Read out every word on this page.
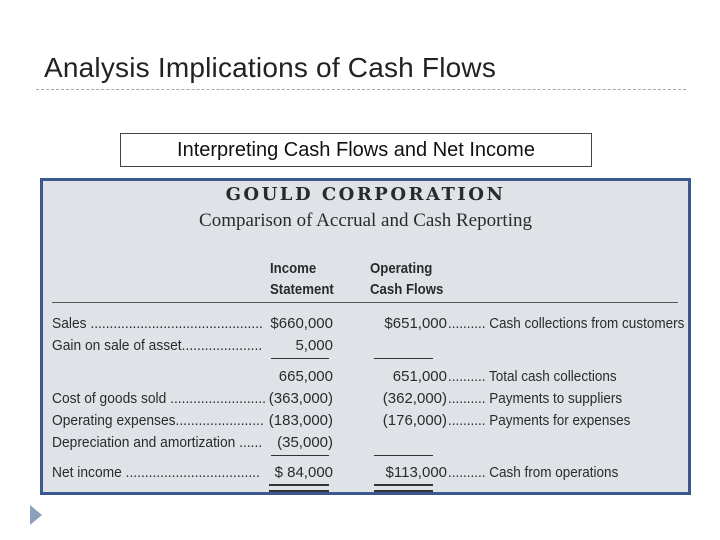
Analysis Implications of Cash Flows
Interpreting Cash Flows and Net Income
GOULD CORPORATION
Comparison of Accrual and Cash Reporting
Income
Statement
Operating
Cash Flows
Sales ............................................. $660,000	$651,000 .......... Cash collections from customers
Gain on sale of asset.....................	5,000
665,000	651,000 .......... Total cash collections
Cost of goods sold ......................... (363,000)	(362,000) .......... Payments to suppliers
Operating expenses....................... (183,000)	(176,000) .......... Payments for expenses
Depreciation and amortization ...... (35,000)
Net income ................................... $ 84,000	$113,000 .......... Cash from operations
